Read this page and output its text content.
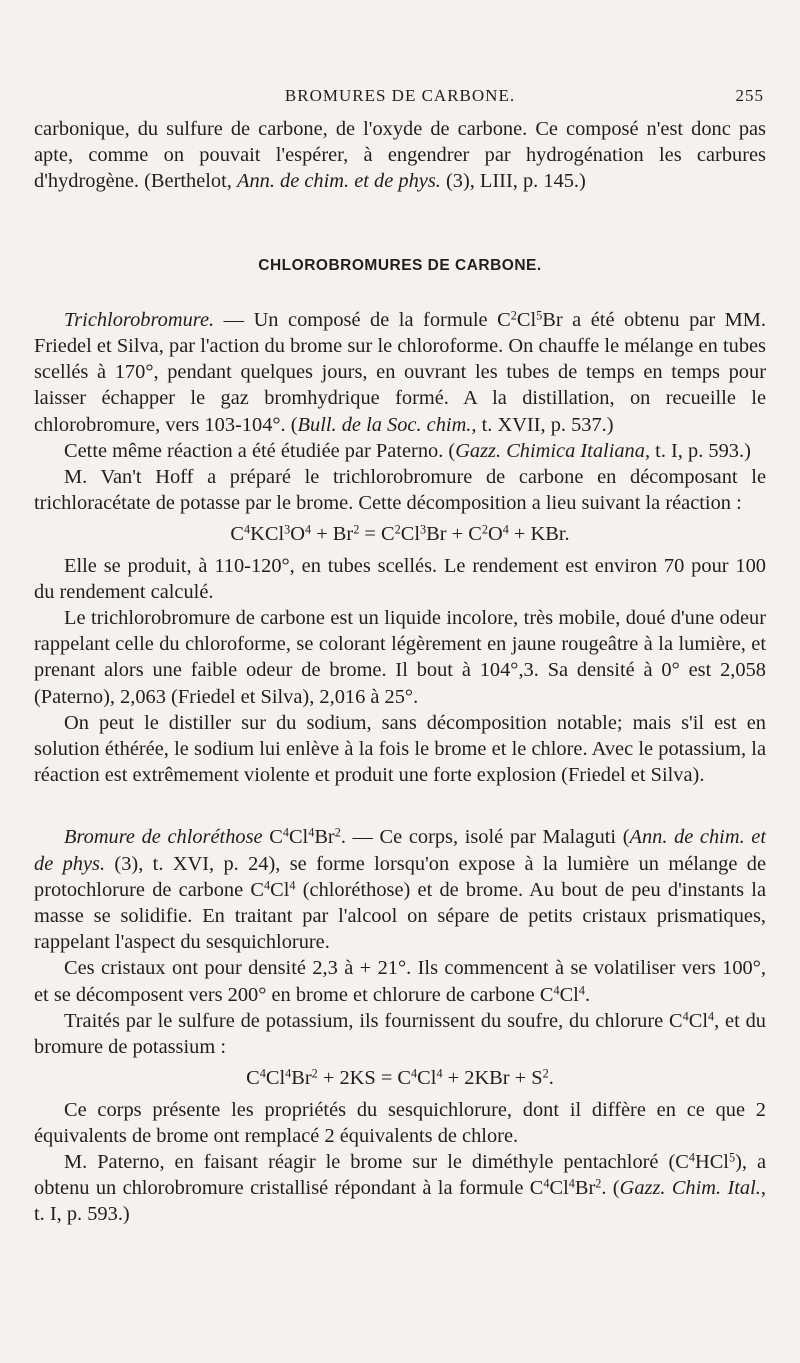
BROMURES DE CARBONE.	255

carbonique, du sulfure de carbone, de l'oxyde de carbone. Ce composé n'est donc pas apte, comme on pouvait l'espérer, à engendrer par hydrogénation les carbures d'hydrogène. (Berthelot, Ann. de chim. et de phys. (3), LIII, p. 145.)

CHLOROBROMURES DE CARBONE.

Trichlorobromure. — Un composé de la formule $C^2Cl^5Br$ a été obtenu par MM. Friedel et Silva, par l'action du brome sur le chloroforme. On chauffe le mélange en tubes scellés à 170°, pendant quelques jours, en ouvrant les tubes de temps en temps pour laisser échapper le gaz bromhydrique formé. A la distillation, on recueille le chlorobromure, vers 103-104°. (Bull. de la Soc. chim., t. XVII, p. 537.)

Cette même réaction a été étudiée par Paterno. (Gazz. Chimica Italiana, t. I, p. 593.)

M. Van't Hoff a préparé le trichlorobromure de carbone en décomposant le trichloracétate de potasse par le brome. Cette décomposition a lieu suivant la réaction :

$C^4KCl^3O^4 + Br^2 = C^2Cl^3Br + C^2O^4$ + KBr.

Elle se produit, à 110-120°, en tubes scellés. Le rendement est environ 70 pour 100 du rendement calculé.

Le trichlorobromure de carbone est un liquide incolore, très mobile, doué d'une odeur rappelant celle du chloroforme, se colorant légèrement en jaune rougeâtre à la lumière, et prenant alors une faible odeur de brome. Il bout à 104°,3. Sa densité à 0° est 2,058 (Paterno), 2,063 (Friedel et Silva), 2,016 à 25°.

On peut le distiller sur du sodium, sans décomposition notable; mais s'il est en solution éthérée, le sodium lui enlève à la fois le brome et le chlore. Avec le potassium, la réaction est extrêmement violente et produit une forte explosion (Friedel et Silva).

Bromure de chloréthose $C^4Cl^4Br^2$. — Ce corps, isolé par Malaguti (Ann. de chim. et de phys. (3), t. XVI, p. 24), se forme lorsqu'on expose à la lumière un mélange de protochlorure de carbone $C^4Cl^4$ (chloréthose) et de brome. Au bout de peu d'instants la masse se solidifie. En traitant par l'alcool on sépare de petits cristaux prismatiques, rappelant l'aspect du sesquichlorure.

Ces cristaux ont pour densité 2,3 à + 21°. Ils commencent à se volatiliser vers 100°, et se décomposent vers 200° en brome et chlorure de carbone $C^4Cl^4$.

Traités par le sulfure de potassium, ils fournissent du soufre, du chlorure $C^4Cl^4$, et du bromure de potassium :

$C^4Cl^4Br^2 + 2KS = C^4Cl^4 + 2KBr + S^2$.

Ce corps présente les propriétés du sesquichlorure, dont il diffère en ce que 2 équivalents de brome ont remplacé 2 équivalents de chlore.

M. Paterno, en faisant réagir le brome sur le diméthyle pentachloré $(C^4HCl^5)$, a obtenu un chlorobromure cristallisé répondant à la formule $C^4Cl^4Br^2$. (Gazz. Chim. Ital., t. I, p. 593.)
